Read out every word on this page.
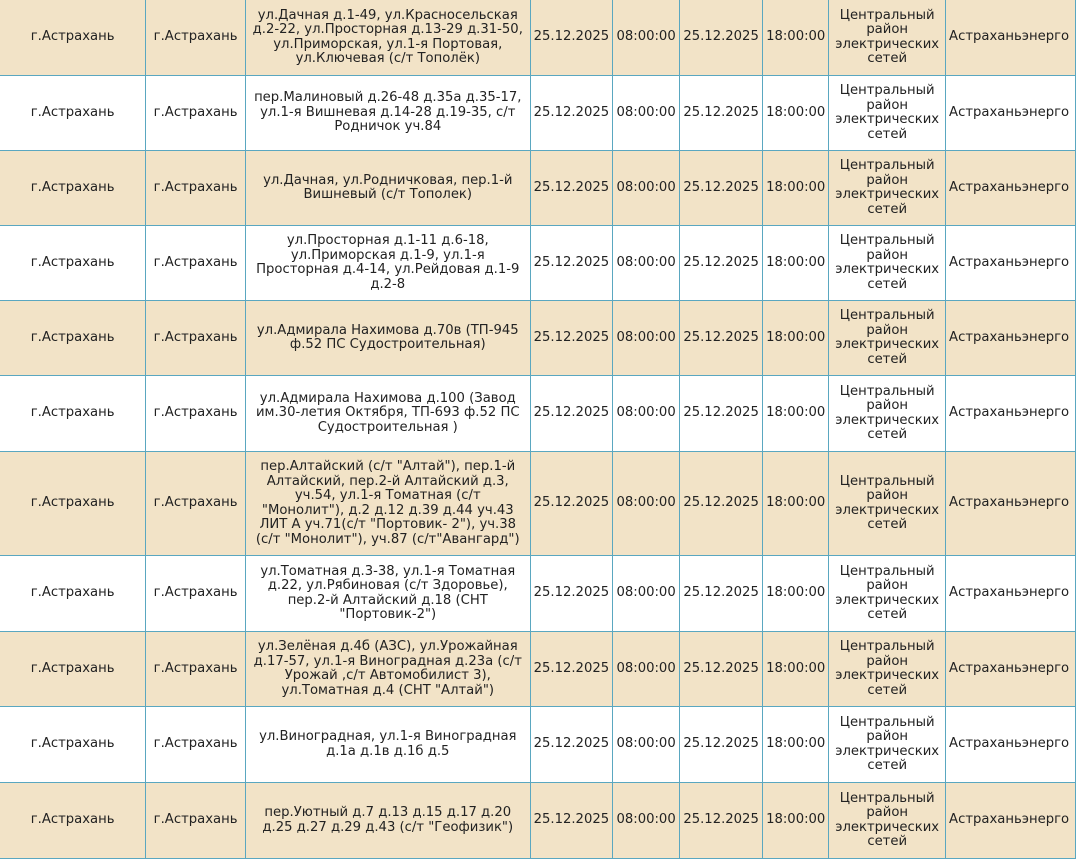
г.Астрахань	г.Астрахань	ул.Дачная д.1-49, ул.Красносельская д.2-22, ул.Просторная д.13-29 д.31-50, ул.Приморская, ул.1-я Портовая, ул.Ключевая (с/т Тополёк)	25.12.2025	08:00:00	25.12.2025	18:00:00	Центральный район электрических сетей	Астраханьэнерго
г.Астрахань	г.Астрахань	пер.Малиновый д.26-48 д.35а д.35-17, ул.1-я Вишневая д.14-28 д.19-35, с/т Родничок уч.84	25.12.2025	08:00:00	25.12.2025	18:00:00	Центральный район электрических сетей	Астраханьэнерго
г.Астрахань	г.Астрахань	ул.Дачная, ул.Родничковая, пер.1-й Вишневый (с/т Тополек)	25.12.2025	08:00:00	25.12.2025	18:00:00	Центральный район электрических сетей	Астраханьэнерго
г.Астрахань	г.Астрахань	ул.Просторная д.1-11 д.6-18, ул.Приморская д.1-9, ул.1-я Просторная д.4-14, ул.Рейдовая д.1-9 д.2-8	25.12.2025	08:00:00	25.12.2025	18:00:00	Центральный район электрических сетей	Астраханьэнерго
г.Астрахань	г.Астрахань	ул.Адмирала Нахимова д.70в (ТП-945 ф.52 ПС Судостроительная)	25.12.2025	08:00:00	25.12.2025	18:00:00	Центральный район электрических сетей	Астраханьэнерго
г.Астрахань	г.Астрахань	ул.Адмирала Нахимова д.100 (Завод им.30-летия Октября, ТП-693 ф.52 ПС Судостроительная )	25.12.2025	08:00:00	25.12.2025	18:00:00	Центральный район электрических сетей	Астраханьэнерго
г.Астрахань	г.Астрахань	пер.Алтайский (с/т "Алтай"), пер.1-й Алтайский, пер.2-й Алтайский д.3, уч.54, ул.1-я Томатная (с/т "Монолит"), д.2 д.12 д.39 д.44 уч.43 ЛИТ А уч.71(с/т "Портовик- 2"), уч.38 (с/т "Монолит"), уч.87 (с/т"Авангард")	25.12.2025	08:00:00	25.12.2025	18:00:00	Центральный район электрических сетей	Астраханьэнерго
г.Астрахань	г.Астрахань	ул.Томатная д.3-38, ул.1-я Томатная д.22, ул.Рябиновая (с/т Здоровье), пер.2-й Алтайский д.18 (СНТ "Портовик-2")	25.12.2025	08:00:00	25.12.2025	18:00:00	Центральный район электрических сетей	Астраханьэнерго
г.Астрахань	г.Астрахань	ул.Зелёная д.4б (АЗС), ул.Урожайная д.17-57, ул.1-я Виноградная д.23а (с/т Урожай ,с/т Автомобилист 3), ул.Томатная д.4 (СНТ "Алтай")	25.12.2025	08:00:00	25.12.2025	18:00:00	Центральный район электрических сетей	Астраханьэнерго
г.Астрахань	г.Астрахань	ул.Виноградная, ул.1-я Виноградная д.1а д.1в д.1б д.5	25.12.2025	08:00:00	25.12.2025	18:00:00	Центральный район электрических сетей	Астраханьэнерго
г.Астрахань	г.Астрахань	пер.Уютный д.7 д.13 д.15 д.17 д.20 д.25 д.27 д.29 д.43 (с/т "Геофизик")	25.12.2025	08:00:00	25.12.2025	18:00:00	Центральный район электрических сетей	Астраханьэнерго
